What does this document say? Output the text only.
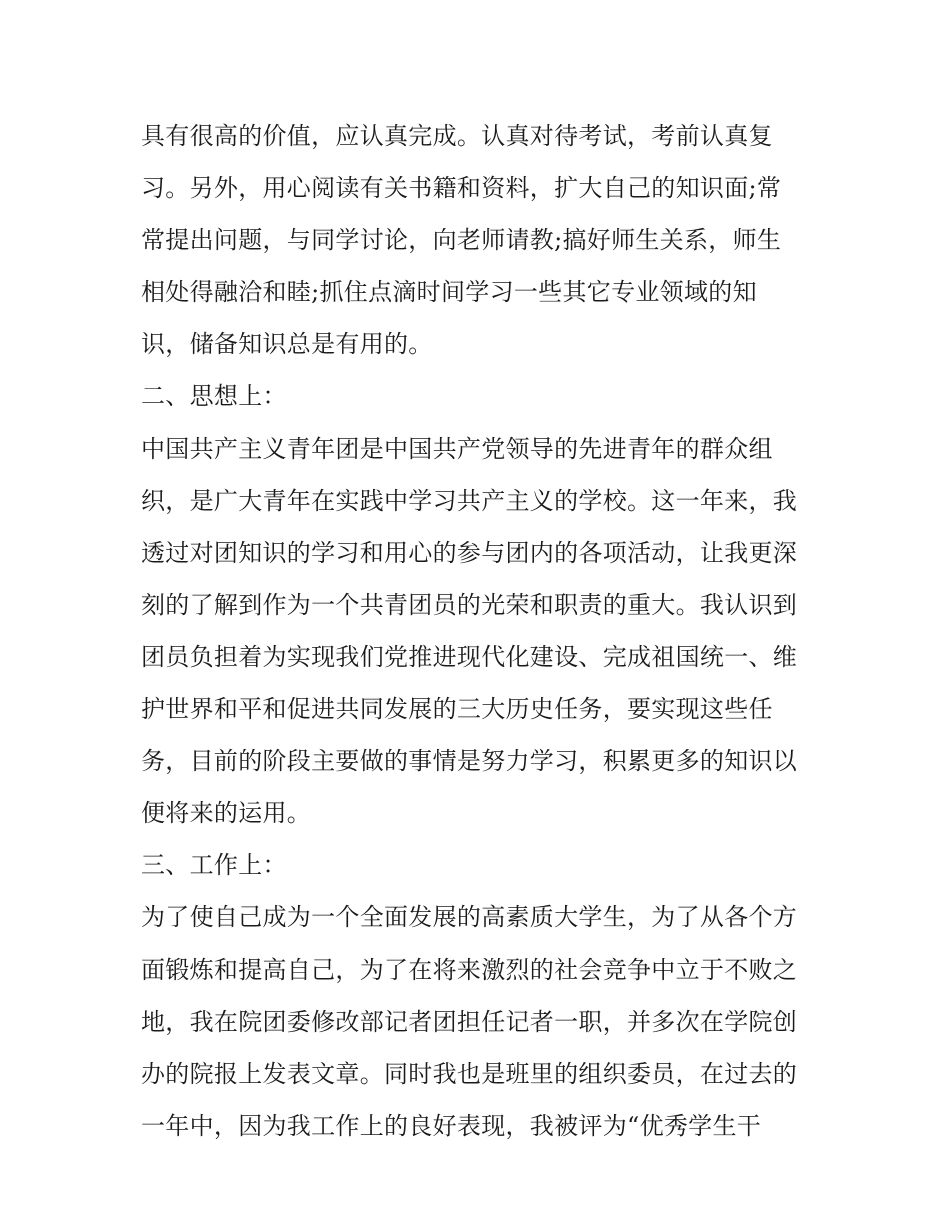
具有很高的价值，应认真完成。认真对待考试，考前认真复
习。另外，用心阅读有关书籍和资料，扩大自己的知识面;常
常提出问题，与同学讨论，向老师请教;搞好师生关系，师生
相处得融洽和睦;抓住点滴时间学习一些其它专业领域的知
识，储备知识总是有用的。
二、思想上：
中国共产主义青年团是中国共产党领导的先进青年的群众组
织，是广大青年在实践中学习共产主义的学校。这一年来，我
透过对团知识的学习和用心的参与团内的各项活动，让我更深
刻的了解到作为一个共青团员的光荣和职责的重大。我认识到
团员负担着为实现我们党推进现代化建设、完成祖国统一、维
护世界和平和促进共同发展的三大历史任务，要实现这些任
务，目前的阶段主要做的事情是努力学习，积累更多的知识以
便将来的运用。
三、工作上：
为了使自己成为一个全面发展的高素质大学生，为了从各个方
面锻炼和提高自己，为了在将来激烈的社会竞争中立于不败之
地，我在院团委修改部记者团担任记者一职，并多次在学院创
办的院报上发表文章。同时我也是班里的组织委员，在过去的
一年中，因为我工作上的良好表现，我被评为“优秀学生干
